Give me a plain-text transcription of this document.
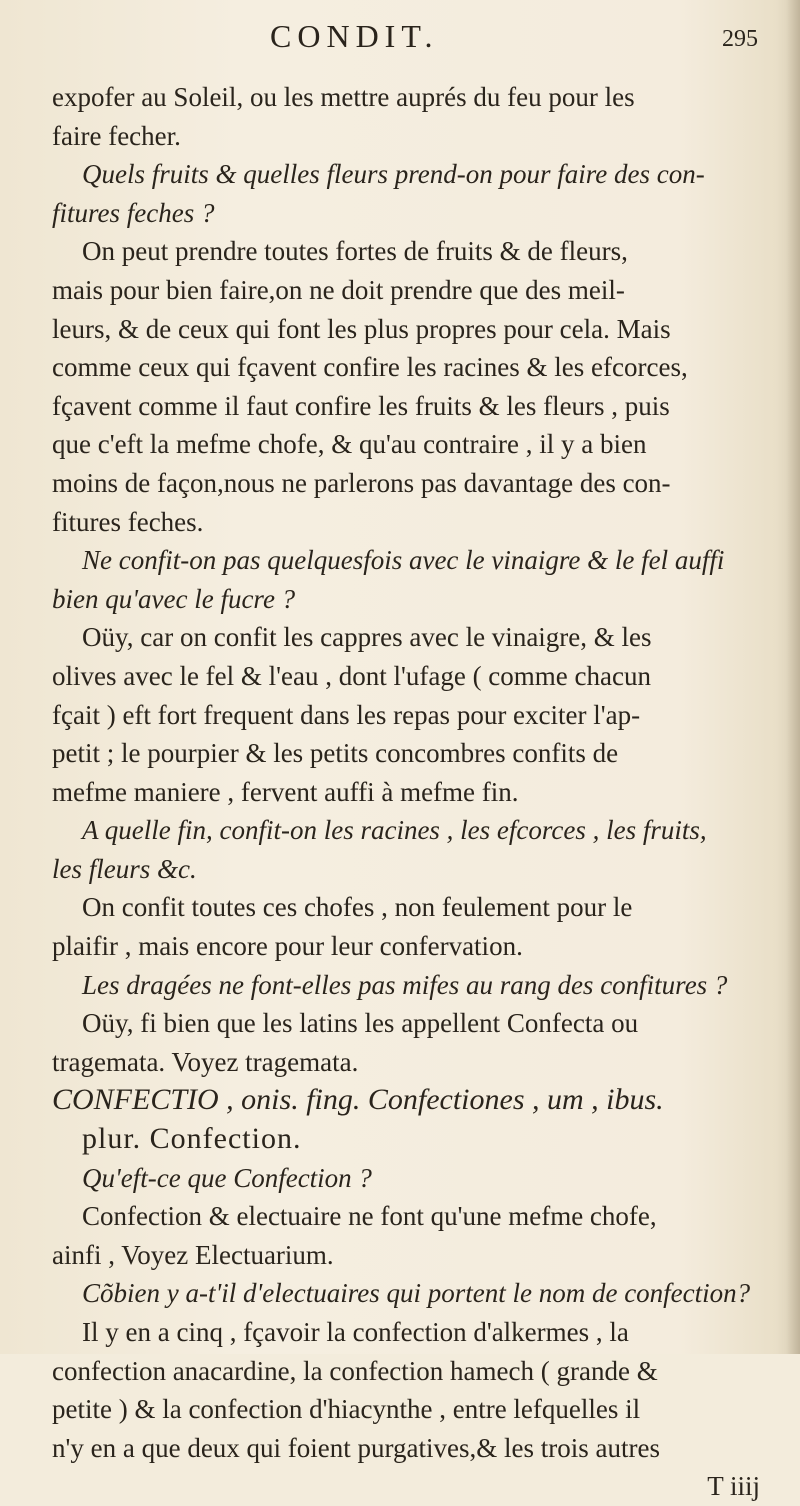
CONDIT.	295
expofer au Soleil, ou les mettre auprés du feu pour les
faire fecher.
Quels fruits & quelles fleurs prend-on pour faire des con-
fitures feches ?
On peut prendre toutes fortes de fruits & de fleurs,
mais pour bien faire,on ne doit prendre que des meil-
leurs, & de ceux qui font les plus propres pour cela. Mais
comme ceux qui fçavent confire les racines & les efcorces,
fçavent comme il faut confire les fruits & les fleurs , puis
que c'eft la mefme chofe, & qu'au contraire , il y a bien
moins de façon,nous ne parlerons pas davantage des con-
fitures feches.
Ne confit-on pas quelquesfois avec le vinaigre & le fel auffi
bien qu'avec le fucre ?
Oüy, car on confit les cappres avec le vinaigre, & les
olives avec le fel & l'eau , dont l'ufage ( comme chacun
fçait ) eft fort frequent dans les repas pour exciter l'ap-
petit ; le pourpier & les petits concombres confits de
mefme maniere , fervent auffi à mefme fin.
A quelle fin, confit-on les racines , les efcorces , les fruits,
les fleurs &c.
On confit toutes ces chofes , non feulement pour le
plaifir , mais encore pour leur confervation.
Les dragées ne font-elles pas mifes au rang des confitures ?
Oüy, fi bien que les latins les appellent Confecta ou
tragemata. Voyez tragemata.
CONFECTIO , onis. fing. Confectiones , um , ibus.
plur. Confection.
Qu'eft-ce que Confection ?
Confection & electuaire ne font qu'une mefme chofe,
ainfi , Voyez Electuarium.
Cõbien y a-t'il d'electuaires qui portent le nom de confection?
Il y en a cinq , fçavoir la confection d'alkermes , la
confection anacardine, la confection hamech ( grande &
petite ) & la confection d'hiacynthe , entre lefquelles il
n'y en a que deux qui foient purgatives,& les trois autres
T iiij
